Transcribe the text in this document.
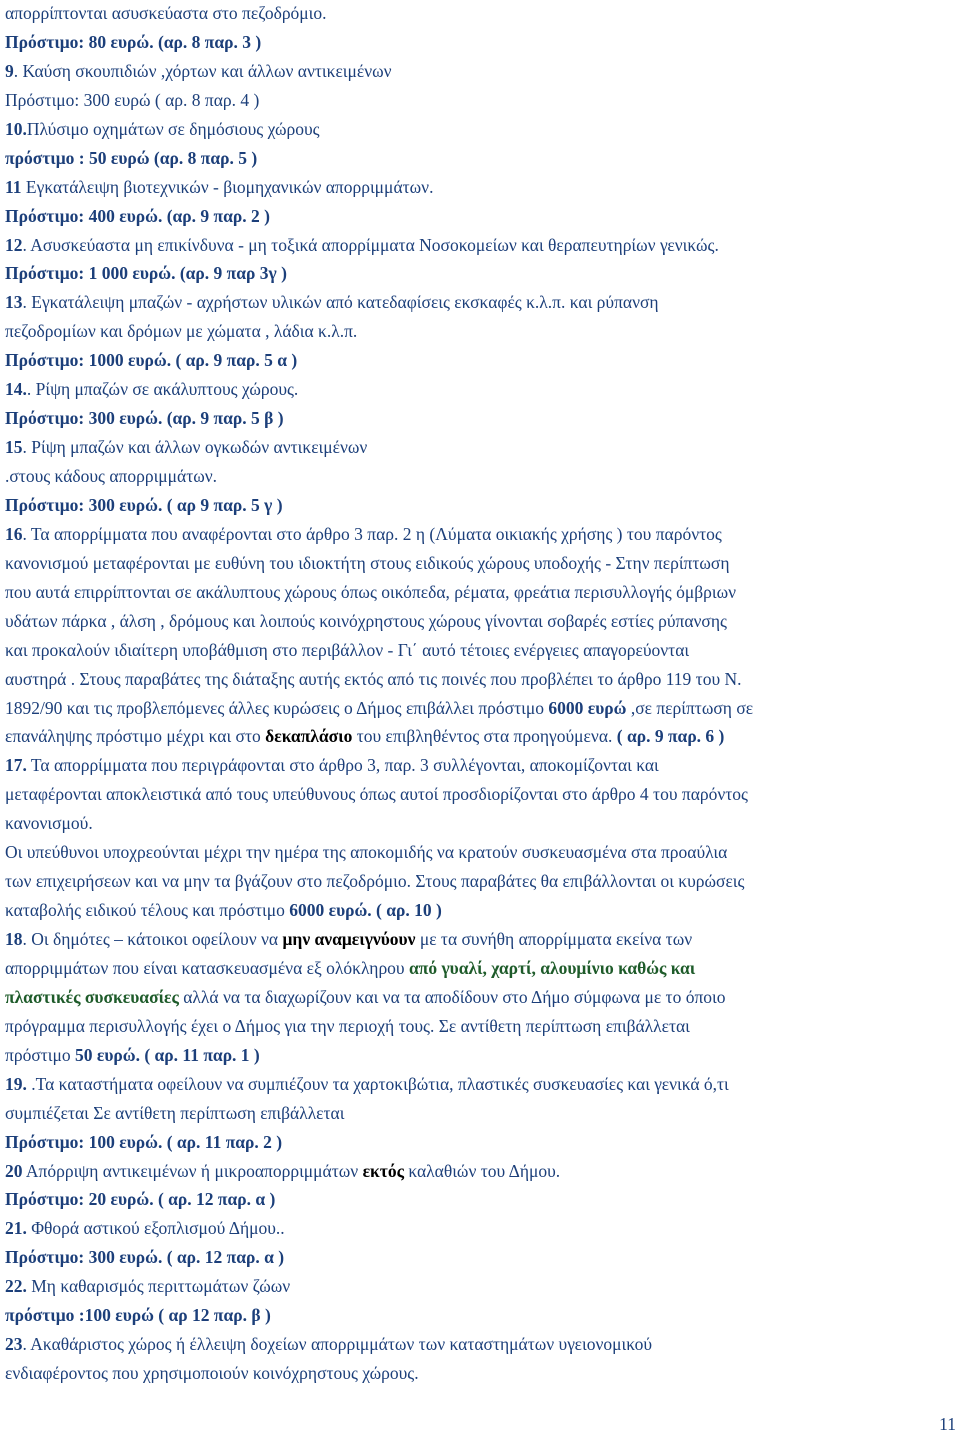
απορρίπτονται ασυσκεύαστα στο πεζοδρόμιο.
Πρόστιμο: 80 ευρώ. (αρ. 8 παρ. 3 )
9. Καύση σκουπιδιών ,χόρτων και άλλων αντικειμένων
Πρόστιμο: 300 ευρώ ( αρ. 8 παρ. 4 )
10.Πλύσιμο οχημάτων σε δημόσιους χώρους
πρόστιμο : 50 ευρώ (αρ. 8 παρ. 5 )
11 Εγκατάλειψη βιοτεχνικών - βιομηχανικών απορριμμάτων.
Πρόστιμο: 400 ευρώ. (αρ. 9 παρ. 2 )
12. Ασυσκεύαστα μη επικίνδυνα - μη τοξικά απορρίμματα Νοσοκομείων και θεραπευτηρίων γενικώς.
Πρόστιμο: 1 000 ευρώ. (αρ. 9 παρ 3γ )
13. Εγκατάλειψη μπαζών - αχρήστων υλικών από κατεδαφίσεις εκσκαφές κ.λ.π. και ρύπανση
πεζοδρομίων και δρόμων με χώματα , λάδια κ.λ.π.
Πρόστιμο: 1000 ευρώ. ( αρ. 9 παρ. 5 α )
14.. Ρίψη μπαζών σε ακάλυπτους χώρους.
Πρόστιμο: 300 ευρώ. (αρ. 9 παρ. 5 β )
15. Ρίψη μπαζών και άλλων ογκωδών αντικειμένων
.στους κάδους απορριμμάτων.
Πρόστιμο: 300 ευρώ. ( αρ 9 παρ. 5 γ )
16. Τα απορρίμματα που αναφέρονται στο άρθρο 3 παρ. 2 η (Λύματα οικιακής χρήσης ) του παρόντος
κανονισμού μεταφέρονται με ευθύνη του ιδιοκτήτη στους ειδικούς χώρους υποδοχής - Στην περίπτωση
που αυτά επιρρίπτονται σε ακάλυπτους χώρους όπως οικόπεδα, ρέματα, φρεάτια περισυλλογής όμβριων
υδάτων πάρκα , άλση , δρόμους και λοιπούς κοινόχρηστους χώρους γίνονται σοβαρές εστίες ρύπανσης
και προκαλούν ιδιαίτερη υποβάθμιση στο περιβάλλον - Γι΄ αυτό τέτοιες ενέργειες απαγορεύονται
αυστηρά . Στους παραβάτες της διάταξης αυτής εκτός από τις ποινές που προβλέπει το άρθρο 119 του Ν.
1892/90 και τις προβλεπόμενες άλλες κυρώσεις ο Δήμος επιβάλλει πρόστιμο 6000 ευρώ ,σε περίπτωση σε
επανάληψης πρόστιμο μέχρι και στο δεκαπλάσιο του επιβληθέντος στα προηγούμενα. ( αρ. 9 παρ. 6 )
17. Τα απορρίμματα που περιγράφονται στο άρθρο 3, παρ. 3 συλλέγονται, αποκομίζονται και
μεταφέρονται αποκλειστικά από τους υπεύθυνους όπως αυτοί προσδιορίζονται στο άρθρο 4 του παρόντος
κανονισμού.
Οι υπεύθυνοι υποχρεούνται μέχρι την ημέρα της αποκομιδής να κρατούν συσκευασμένα στα προαύλια
των επιχειρήσεων και να μην τα βγάζουν στο πεζοδρόμιο. Στους παραβάτες θα επιβάλλονται οι κυρώσεις
καταβολής ειδικού τέλους και πρόστιμο 6000 ευρώ. ( αρ. 10 )
18. Οι δημότες – κάτοικοι οφείλουν να μην αναμειγνύουν με τα συνήθη απορρίμματα εκείνα των
απορριμμάτων που είναι κατασκευασμένα εξ ολόκληρου από γυαλί, χαρτί, αλουμίνιο καθώς και
πλαστικές συσκευασίες αλλά να τα διαχωρίζουν και να τα αποδίδουν στο Δήμο σύμφωνα με το όποιο
πρόγραμμα περισυλλογής έχει ο Δήμος για την περιοχή τους. Σε αντίθετη περίπτωση επιβάλλεται
πρόστιμο 50 ευρώ. ( αρ. 11 παρ. 1 )
19. .Τα καταστήματα οφείλουν να συμπιέζουν τα χαρτοκιβώτια, πλαστικές συσκευασίες και γενικά ό,τι
συμπιέζεται Σε αντίθετη περίπτωση επιβάλλεται
Πρόστιμο: 100 ευρώ. ( αρ. 11 παρ. 2 )
20 Απόρριψη αντικειμένων ή μικροαπορριμμάτων εκτός καλαθιών του Δήμου.
Πρόστιμο: 20 ευρώ. ( αρ. 12 παρ. α )
21. Φθορά αστικού εξοπλισμού Δήμου..
Πρόστιμο: 300 ευρώ. ( αρ. 12 παρ. α )
22. Μη καθαρισμός περιττωμάτων ζώων
πρόστιμο :100 ευρώ ( αρ 12 παρ. β )
23. Ακαθάριστος χώρος ή έλλειψη δοχείων απορριμμάτων των καταστημάτων υγειονομικού
ενδιαφέροντος που χρησιμοποιούν κοινόχρηστους χώρους.
11
